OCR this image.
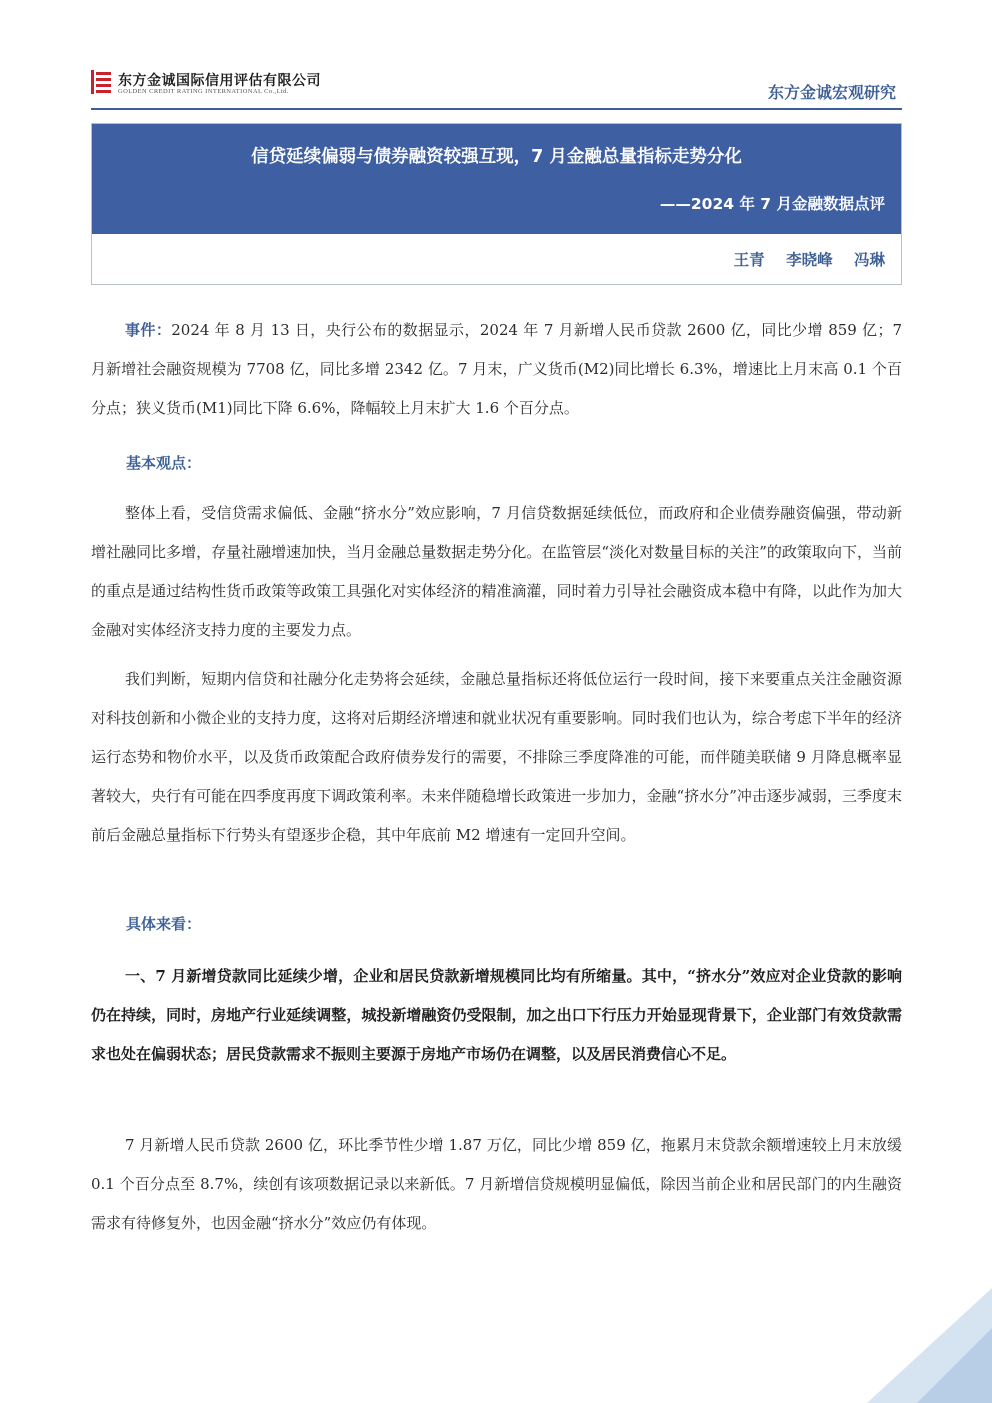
东方金诚国际信用评估有限公司
GOLDEN CREDIT RATING INTERNATIONAL Co.,Ltd.	东方金诚宏观研究
信贷延续偏弱与债券融资较强互现，7 月金融总量指标走势分化
——2024 年 7 月金融数据点评
王青 李晓峰 冯琳
事件：2024 年 8 月 13 日，央行公布的数据显示，2024 年 7 月新增人民币贷款 2600 亿，同比少增 859 亿；7 月新增社会融资规模为 7708 亿，同比多增 2342 亿。7 月末，广义货币(M2)同比增长 6.3%，增速比上月末高 0.1 个百分点；狭义货币(M1)同比下降 6.6%，降幅较上月末扩大 1.6 个百分点。
基本观点：
整体上看，受信贷需求偏低、金融“挤水分”效应影响，7 月信贷数据延续低位，而政府和企业债券融资偏强，带动新增社融同比多增，存量社融增速加快，当月金融总量数据走势分化。在监管层“淡化对数量目标的关注”的政策取向下，当前的重点是通过结构性货币政策等政策工具强化对实体经济的精准滴灌，同时着力引导社会融资成本稳中有降，以此作为加大金融对实体经济支持力度的主要发力点。
我们判断，短期内信贷和社融分化走势将会延续，金融总量指标还将低位运行一段时间，接下来要重点关注金融资源对科技创新和小微企业的支持力度，这将对后期经济增速和就业状况有重要影响。同时我们也认为，综合考虑下半年的经济运行态势和物价水平，以及货币政策配合政府债券发行的需要，不排除三季度降准的可能，而伴随美联储 9 月降息概率显著较大，央行有可能在四季度再度下调政策利率。未来伴随稳增长政策进一步加力，金融“挤水分”冲击逐步减弱，三季度末前后金融总量指标下行势头有望逐步企稳，其中年底前 M2 增速有一定回升空间。
具体来看：
一、7 月新增贷款同比延续少增，企业和居民贷款新增规模同比均有所缩量。其中，“挤水分”效应对企业贷款的影响仍在持续，同时，房地产行业延续调整，城投新增融资仍受限制，加之出口下行压力开始显现背景下，企业部门有效贷款需求也处在偏弱状态；居民贷款需求不振则主要源于房地产市场仍在调整，以及居民消费信心不足。
7 月新增人民币贷款 2600 亿，环比季节性少增 1.87 万亿，同比少增 859 亿，拖累月末贷款余额增速较上月末放缓 0.1 个百分点至 8.7%，续创有该项数据记录以来新低。7 月新增信贷规模明显偏低，除因当前企业和居民部门的内生融资需求有待修复外，也因金融“挤水分”效应仍有体现。
1
